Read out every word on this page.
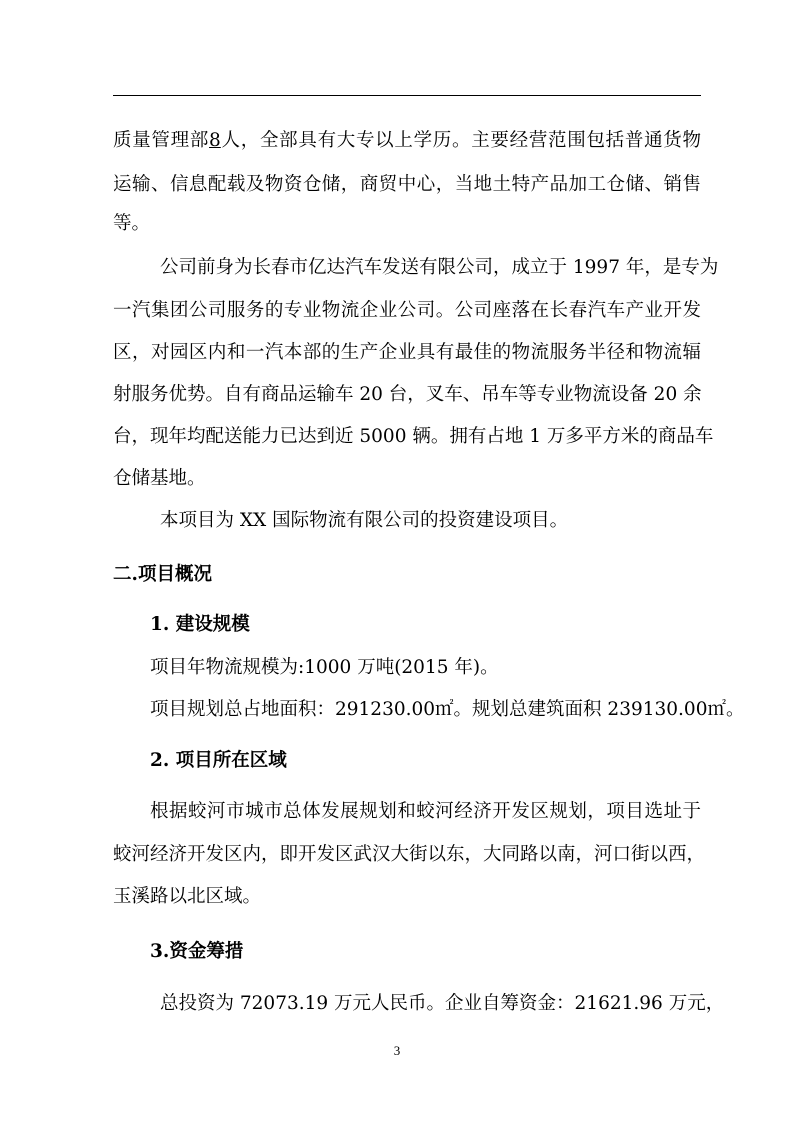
质量管理部8人，全部具有大专以上学历。主要经营范围包括普通货物
运输、信息配载及物资仓储，商贸中心，当地土特产品加工仓储、销售
等。
公司前身为长春市亿达汽车发送有限公司，成立于 1997 年，是专为
一汽集团公司服务的专业物流企业公司。公司座落在长春汽车产业开发
区，对园区内和一汽本部的生产企业具有最佳的物流服务半径和物流辐
射服务优势。自有商品运输车 20 台，叉车、吊车等专业物流设备 20 余
台，现年均配送能力已达到近 5000 辆。拥有占地 1 万多平方米的商品车
仓储基地。
本项目为 XX 国际物流有限公司的投资建设项目。
二.项目概况
1. 建设规模
项目年物流规模为:1000 万吨(2015 年)。
项目规划总占地面积：291230.00㎡。规划总建筑面积 239130.00㎡。
2. 项目所在区域
根据蛟河市城市总体发展规划和蛟河经济开发区规划，项目选址于
蛟河经济开发区内，即开发区武汉大街以东，大同路以南，河口街以西，
玉溪路以北区域。
3.资金筹措
总投资为 72073.19 万元人民币。企业自筹资金：21621.96 万元，
3
